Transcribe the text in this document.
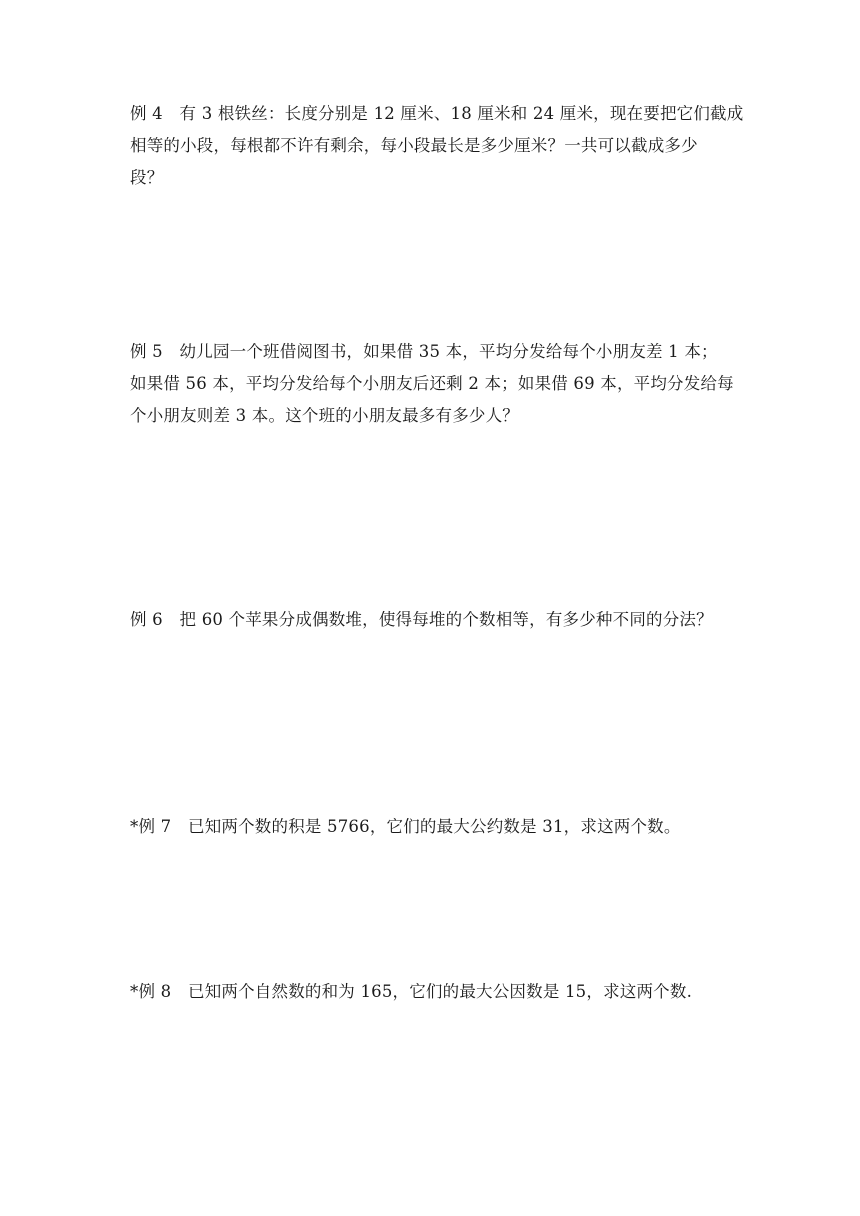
例 4　有 3 根铁丝：长度分别是 12 厘米、18 厘米和 24 厘米，现在要把它们截成
相等的小段，每根都不许有剩余，每小段最长是多少厘米？一共可以截成多少
段？
例 5　幼儿园一个班借阅图书，如果借 35 本，平均分发给每个小朋友差 1 本；
如果借 56 本，平均分发给每个小朋友后还剩 2 本；如果借 69 本，平均分发给每
个小朋友则差 3 本。这个班的小朋友最多有多少人？
例 6　把 60 个苹果分成偶数堆，使得每堆的个数相等，有多少种不同的分法？
*例 7　已知两个数的积是 5766，它们的最大公约数是 31，求这两个数。
*例 8　已知两个自然数的和为 165，它们的最大公因数是 15，求这两个数.
